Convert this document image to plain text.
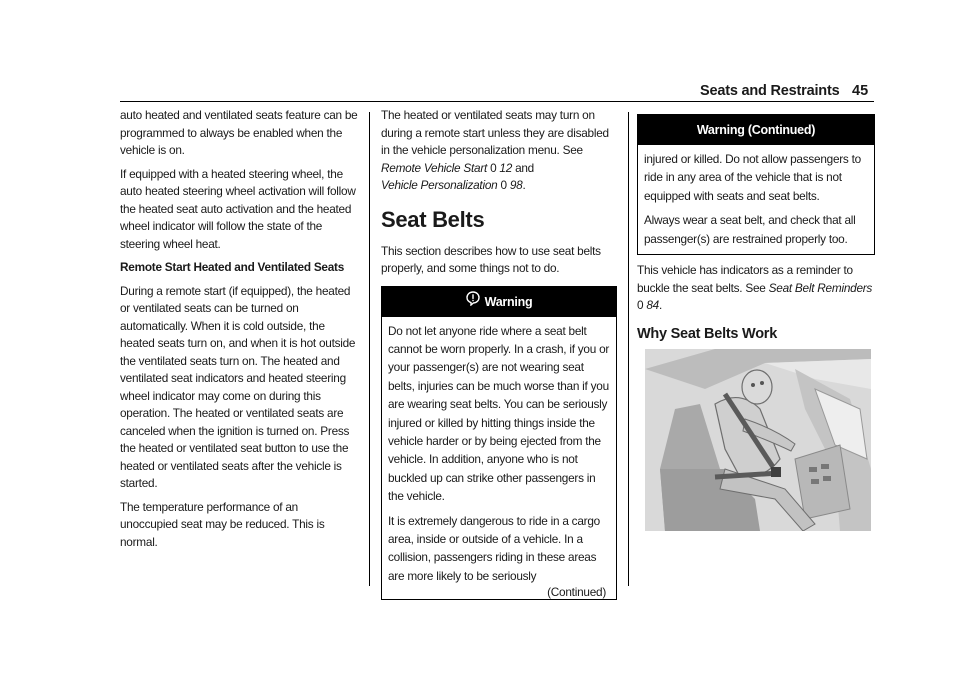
Seats and Restraints 45

auto heated and ventilated seats feature can be programmed to always be enabled when the vehicle is on.

If equipped with a heated steering wheel, the auto heated steering wheel activation will follow the heated seat auto activation and the heated wheel indicator will follow the state of the steering wheel heat.

Remote Start Heated and Ventilated Seats

During a remote start (if equipped), the heated or ventilated seats can be turned on automatically. When it is cold outside, the heated seats turn on, and when it is hot outside the ventilated seats turn on. The heated and ventilated seat indicators and heated steering wheel indicator may come on during this operation. The heated or ventilated seats are canceled when the ignition is turned on. Press the heated or ventilated seat button to use the heated or ventilated seats after the vehicle is started.

The temperature performance of an unoccupied seat may be reduced. This is normal.

The heated or ventilated seats may turn on during a remote start unless they are disabled in the vehicle personalization menu. See Remote Vehicle Start 0 12 and
Vehicle Personalization 0 98.

Seat Belts

This section describes how to use seat belts properly, and some things not to do.

Warning

Do not let anyone ride where a seat belt cannot be worn properly. In a crash, if you or your passenger(s) are not wearing seat belts, injuries can be much worse than if you are wearing seat belts. You can be seriously injured or killed by hitting things inside the vehicle harder or by being ejected from the vehicle. In addition, anyone who is not buckled up can strike other passengers in the vehicle.

It is extremely dangerous to ride in a cargo area, inside or outside of a vehicle. In a collision, passengers riding in these areas are more likely to be seriously

(Continued)
Warning (Continued)

injured or killed. Do not allow passengers to ride in any area of the vehicle that is not equipped with seats and seat belts.

Always wear a seat belt, and check that all passenger(s) are restrained properly too.

This vehicle has indicators as a reminder to buckle the seat belts. See Seat Belt Reminders 0 84.

Why Seat Belts Work
